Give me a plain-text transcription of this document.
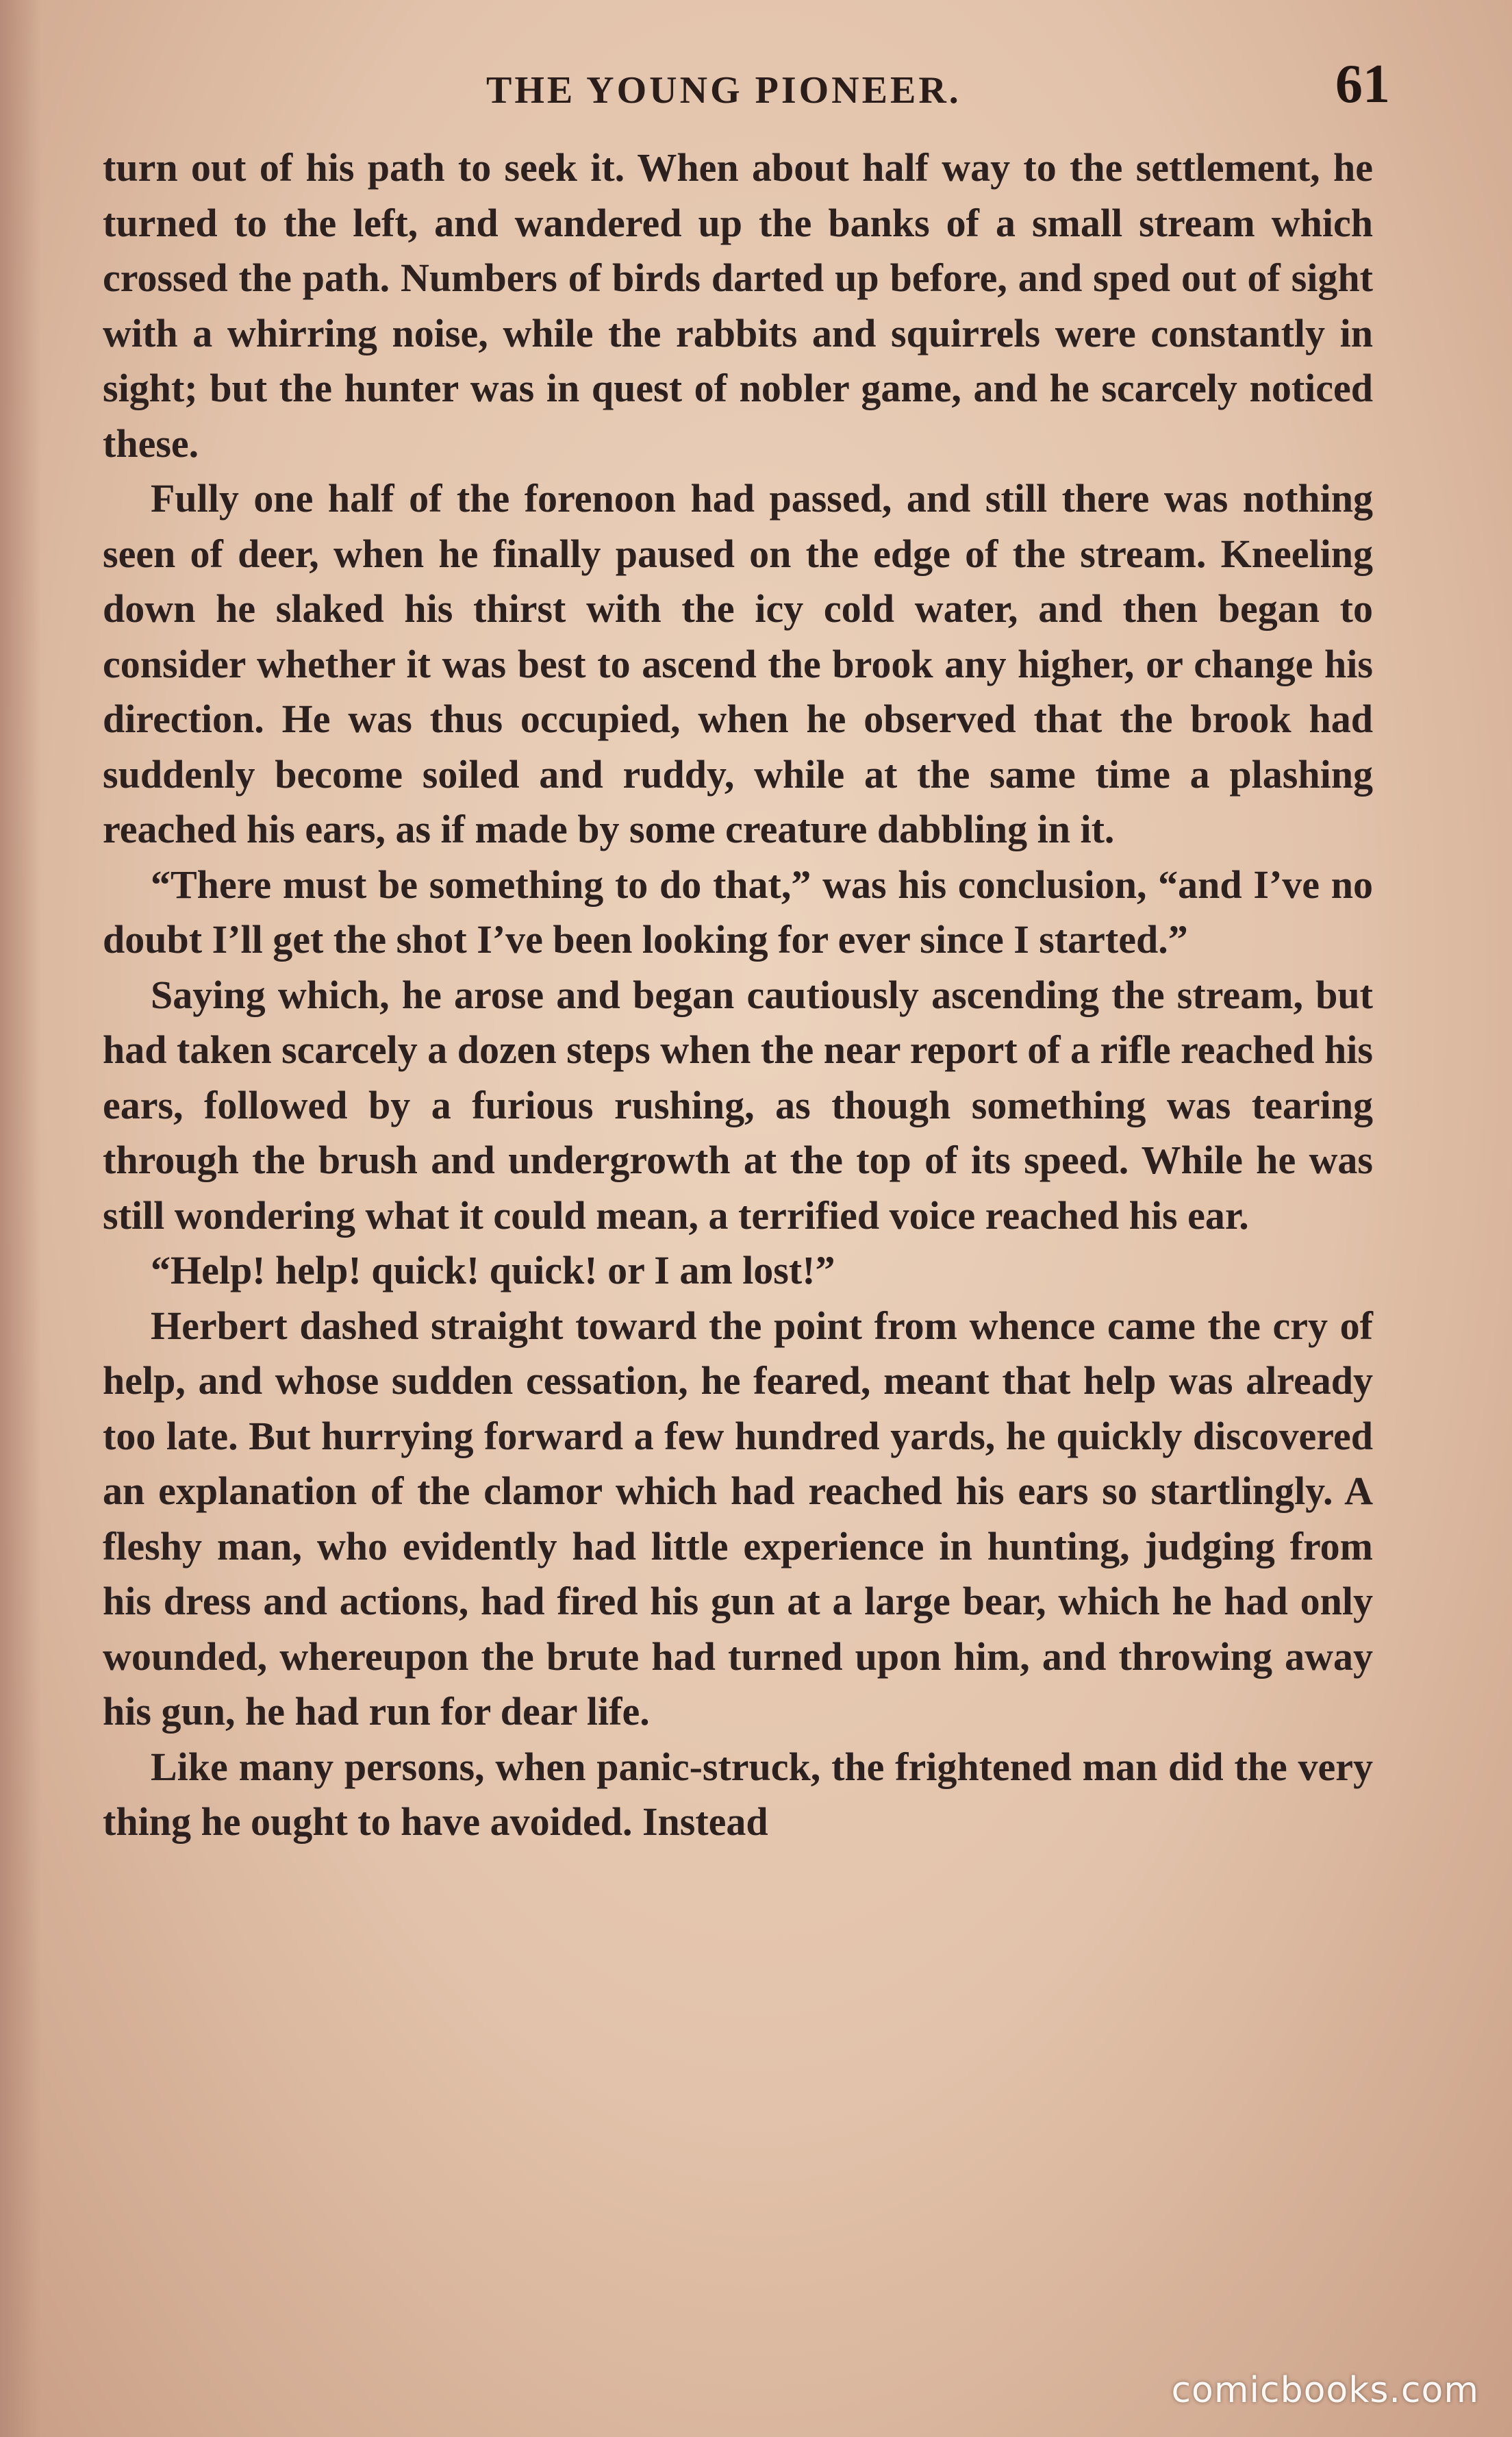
THE YOUNG PIONEER.	61

turn out of his path to seek it. When about half way to the settlement, he turned to the left, and wandered up the banks of a small stream which crossed the path. Numbers of birds darted up before, and sped out of sight with a whirring noise, while the rabbits and squirrels were constantly in sight; but the hunter was in quest of nobler game, and he scarcely noticed these.

Fully one half of the forenoon had passed, and still there was nothing seen of deer, when he finally paused on the edge of the stream. Kneeling down he slaked his thirst with the icy cold water, and then began to consider whether it was best to ascend the brook any higher, or change his direction. He was thus occupied, when he observed that the brook had suddenly become soiled and ruddy, while at the same time a plashing reached his ears, as if made by some creature dabbling in it.

“There must be something to do that,” was his conclusion, “and I’ve no doubt I’ll get the shot I’ve been looking for ever since I started.”

Saying which, he arose and began cautiously ascending the stream, but had taken scarcely a dozen steps when the near report of a rifle reached his ears, followed by a furious rushing, as though something was tearing through the brush and undergrowth at the top of its speed. While he was still wondering what it could mean, a terrified voice reached his ear.

“Help! help! quick! quick! or I am lost!”

Herbert dashed straight toward the point from whence came the cry of help, and whose sudden cessation, he feared, meant that help was already too late. But hurrying forward a few hundred yards, he quickly discovered an explanation of the clamor which had reached his ears so startlingly. A fleshy man, who evidently had little experience in hunting, judging from his dress and actions, had fired his gun at a large bear, which he had only wounded, whereupon the brute had turned upon him, and throwing away his gun, he had run for dear life.

Like many persons, when panic-struck, the frightened man did the very thing he ought to have avoided. Instead

comicbooks.com
